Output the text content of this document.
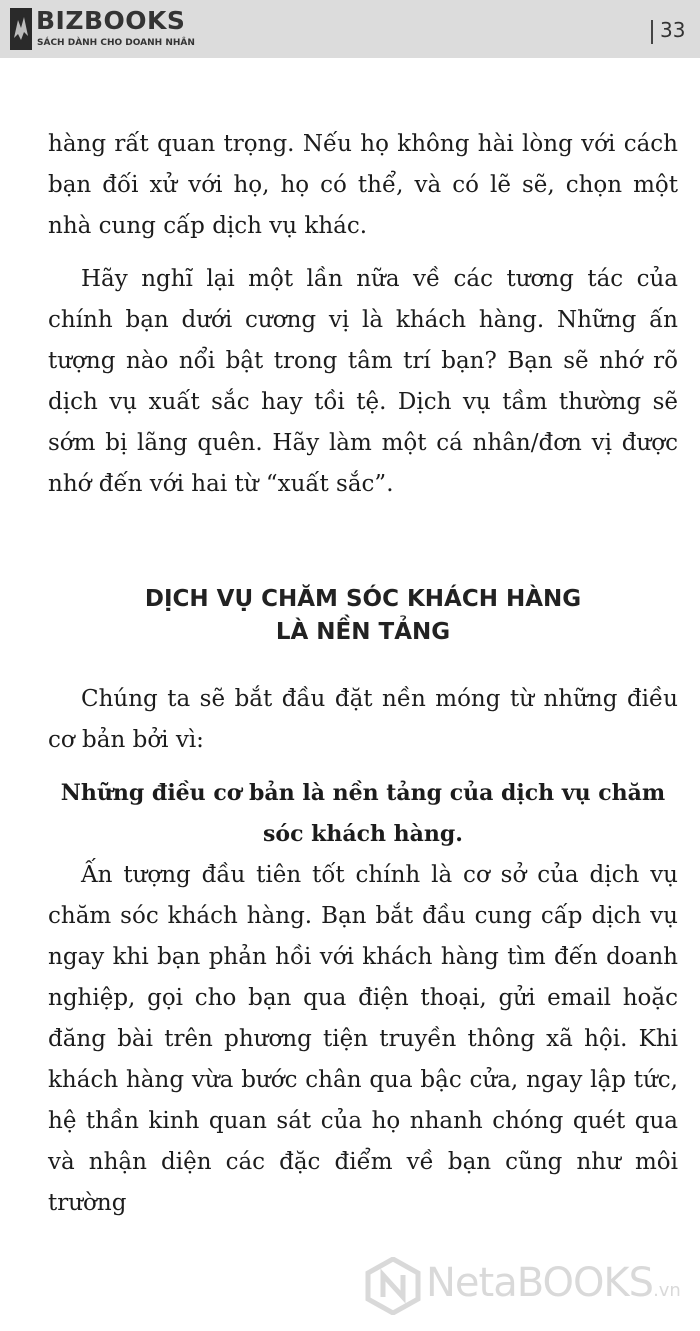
BIZBOOKS
SÁCH DÀNH CHO DOANH NHÂN
33

hàng rất quan trọng. Nếu họ không hài lòng với cách bạn đối xử với họ, họ có thể, và có lẽ sẽ, chọn một nhà cung cấp dịch vụ khác.

Hãy nghĩ lại một lần nữa về các tương tác của chính bạn dưới cương vị là khách hàng. Những ấn tượng nào nổi bật trong tâm trí bạn? Bạn sẽ nhớ rõ dịch vụ xuất sắc hay tồi tệ. Dịch vụ tầm thường sẽ sớm bị lãng quên. Hãy làm một cá nhân/đơn vị được nhớ đến với hai từ “xuất sắc”.

DỊCH VỤ CHĂM SÓC KHÁCH HÀNG
LÀ NỀN TẢNG

Chúng ta sẽ bắt đầu đặt nền móng từ những điều cơ bản bởi vì:

Những điều cơ bản là nền tảng của dịch vụ chăm sóc khách hàng.

Ấn tượng đầu tiên tốt chính là cơ sở của dịch vụ chăm sóc khách hàng. Bạn bắt đầu cung cấp dịch vụ ngay khi bạn phản hồi với khách hàng tìm đến doanh nghiệp, gọi cho bạn qua điện thoại, gửi email hoặc đăng bài trên phương tiện truyền thông xã hội. Khi khách hàng vừa bước chân qua bậc cửa, ngay lập tức, hệ thần kinh quan sát của họ nhanh chóng quét qua và nhận diện các đặc điểm về bạn cũng như môi trường

NetaBOOKS.vn
